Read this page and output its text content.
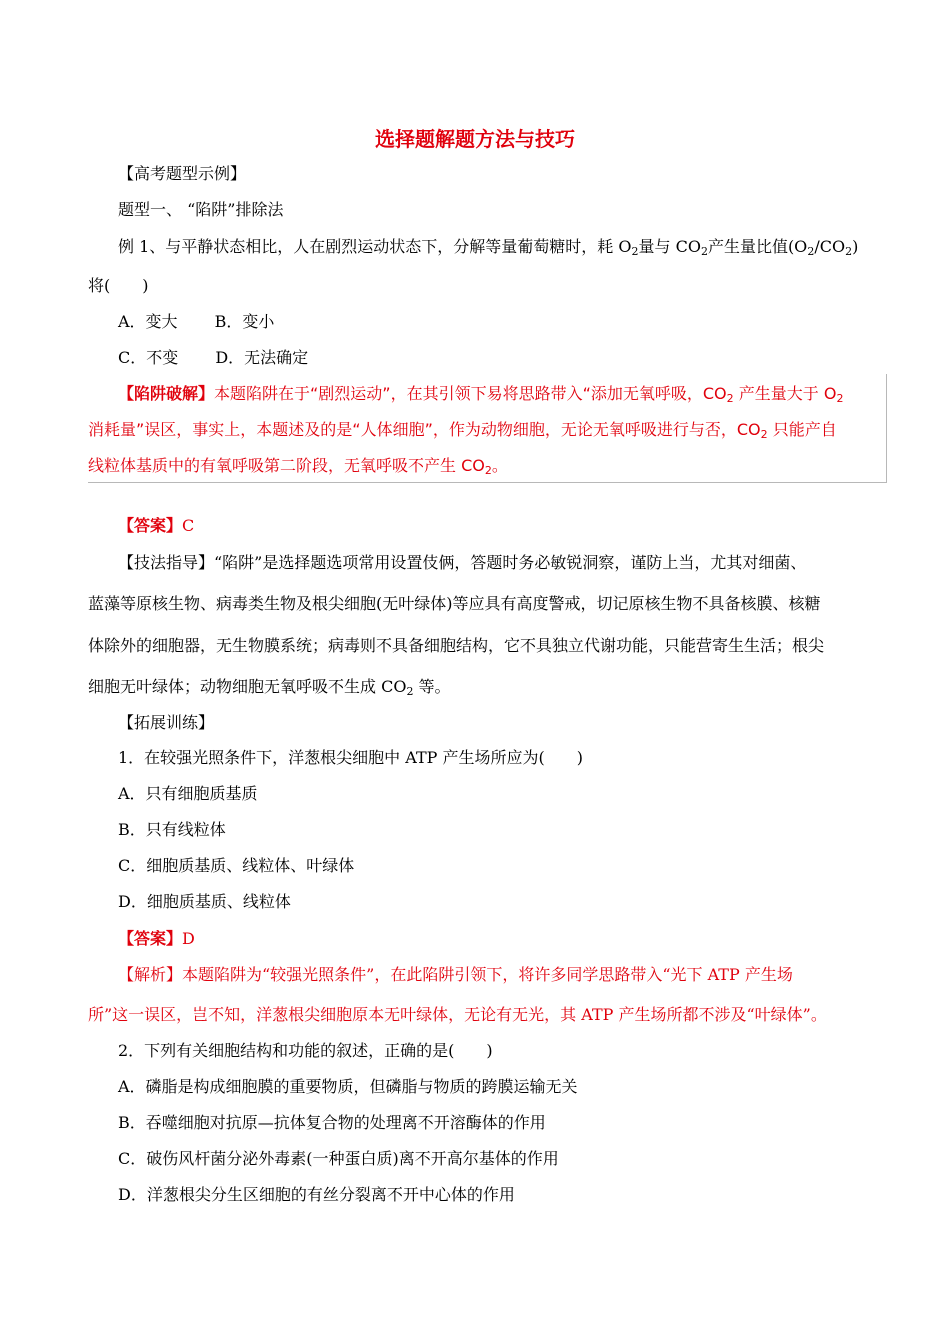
选择题解题方法与技巧
【高考题型示例】
题型一、 “陷阱”排除法
例 1、与平静状态相比，人在剧烈运动状态下，分解等量葡萄糖时，耗 $O_2$量与 $CO_2$产生量比值$(O_2/CO_2)$
将(　　)
A．变大　　 B．变小
C．不变　　 D．无法确定
【陷阱破解】本题陷阱在于“剧烈运动”，在其引领下易将思路带入“添加无氧呼吸，$CO_2$ 产生量大于 $O_2$
消耗量”误区，事实上，本题述及的是“人体细胞”，作为动物细胞，无论无氧呼吸进行与否，$CO_2$ 只能产自
线粒体基质中的有氧呼吸第二阶段，无氧呼吸不产生 $CO_2$。
【答案】C
【技法指导】“陷阱”是选择题选项常用设置伎俩，答题时务必敏锐洞察，谨防上当，尤其对细菌、
蓝藻等原核生物、病毒类生物及根尖细胞(无叶绿体)等应具有高度警戒，切记原核生物不具备核膜、核糖
体除外的细胞器，无生物膜系统；病毒则不具备细胞结构，它不具独立代谢功能，只能营寄生生活；根尖
细胞无叶绿体；动物细胞无氧呼吸不生成 $CO_2$ 等。
【拓展训练】
1．在较强光照条件下，洋葱根尖细胞中 ATP 产生场所应为(　　)
A．只有细胞质基质
B．只有线粒体
C．细胞质基质、线粒体、叶绿体
D．细胞质基质、线粒体
【答案】D
【解析】本题陷阱为“较强光照条件”，在此陷阱引领下，将许多同学思路带入“光下 ATP 产生场
所”这一误区，岂不知，洋葱根尖细胞原本无叶绿体，无论有无光，其 ATP 产生场所都不涉及“叶绿体”。
2．下列有关细胞结构和功能的叙述，正确的是(　　)
A．磷脂是构成细胞膜的重要物质，但磷脂与物质的跨膜运输无关
B．吞噬细胞对抗原—抗体复合物的处理离不开溶酶体的作用
C．破伤风杆菌分泌外毒素(一种蛋白质)离不开高尔基体的作用
D．洋葱根尖分生区细胞的有丝分裂离不开中心体的作用
